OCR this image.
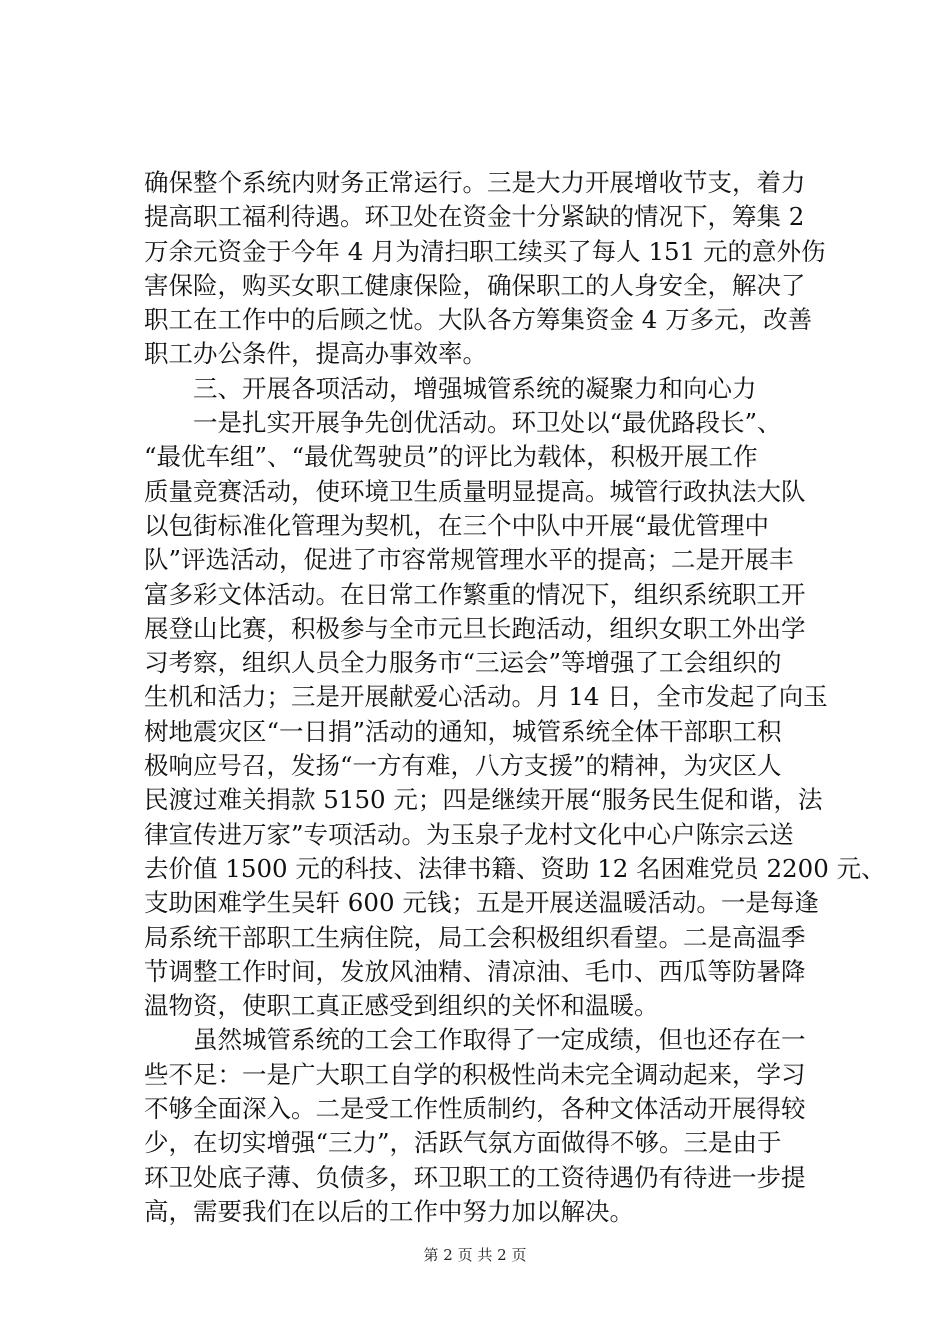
确保整个系统内财务正常运行。三是大力开展增收节支，着力
提高职工福利待遇。环卫处在资金十分紧缺的情况下，筹集 2
万余元资金于今年 4 月为清扫职工续买了每人 151 元的意外伤
害保险，购买女职工健康保险，确保职工的人身安全，解决了
职工在工作中的后顾之忧。大队各方筹集资金 4 万多元，改善
职工办公条件，提高办事效率。
三、开展各项活动，增强城管系统的凝聚力和向心力
一是扎实开展争先创优活动。环卫处以“最优路段长”、
“最优车组”、“最优驾驶员”的评比为载体，积极开展工作
质量竞赛活动，使环境卫生质量明显提高。城管行政执法大队
以包街标准化管理为契机，在三个中队中开展“最优管理中
队”评选活动，促进了市容常规管理水平的提高；二是开展丰
富多彩文体活动。在日常工作繁重的情况下，组织系统职工开
展登山比赛，积极参与全市元旦长跑活动，组织女职工外出学
习考察，组织人员全力服务市“三运会”等增强了工会组织的
生机和活力；三是开展献爱心活动。月 14 日，全市发起了向玉
树地震灾区“一日捐”活动的通知，城管系统全体干部职工积
极响应号召，发扬“一方有难，八方支援”的精神，为灾区人
民渡过难关捐款 5150 元；四是继续开展“服务民生促和谐，法
律宣传进万家”专项活动。为玉泉子龙村文化中心户陈宗云送
去价值 1500 元的科技、法律书籍、资助 12 名困难党员 2200 元、
支助困难学生吴轩 600 元钱；五是开展送温暖活动。一是每逢
局系统干部职工生病住院，局工会积极组织看望。二是高温季
节调整工作时间，发放风油精、清凉油、毛巾、西瓜等防暑降
温物资，使职工真正感受到组织的关怀和温暖。
虽然城管系统的工会工作取得了一定成绩，但也还存在一
些不足：一是广大职工自学的积极性尚未完全调动起来，学习
不够全面深入。二是受工作性质制约，各种文体活动开展得较
少，在切实增强“三力”，活跃气氛方面做得不够。三是由于
环卫处底子薄、负债多，环卫职工的工资待遇仍有待进一步提
高，需要我们在以后的工作中努力加以解决。
第 2 页 共 2 页
